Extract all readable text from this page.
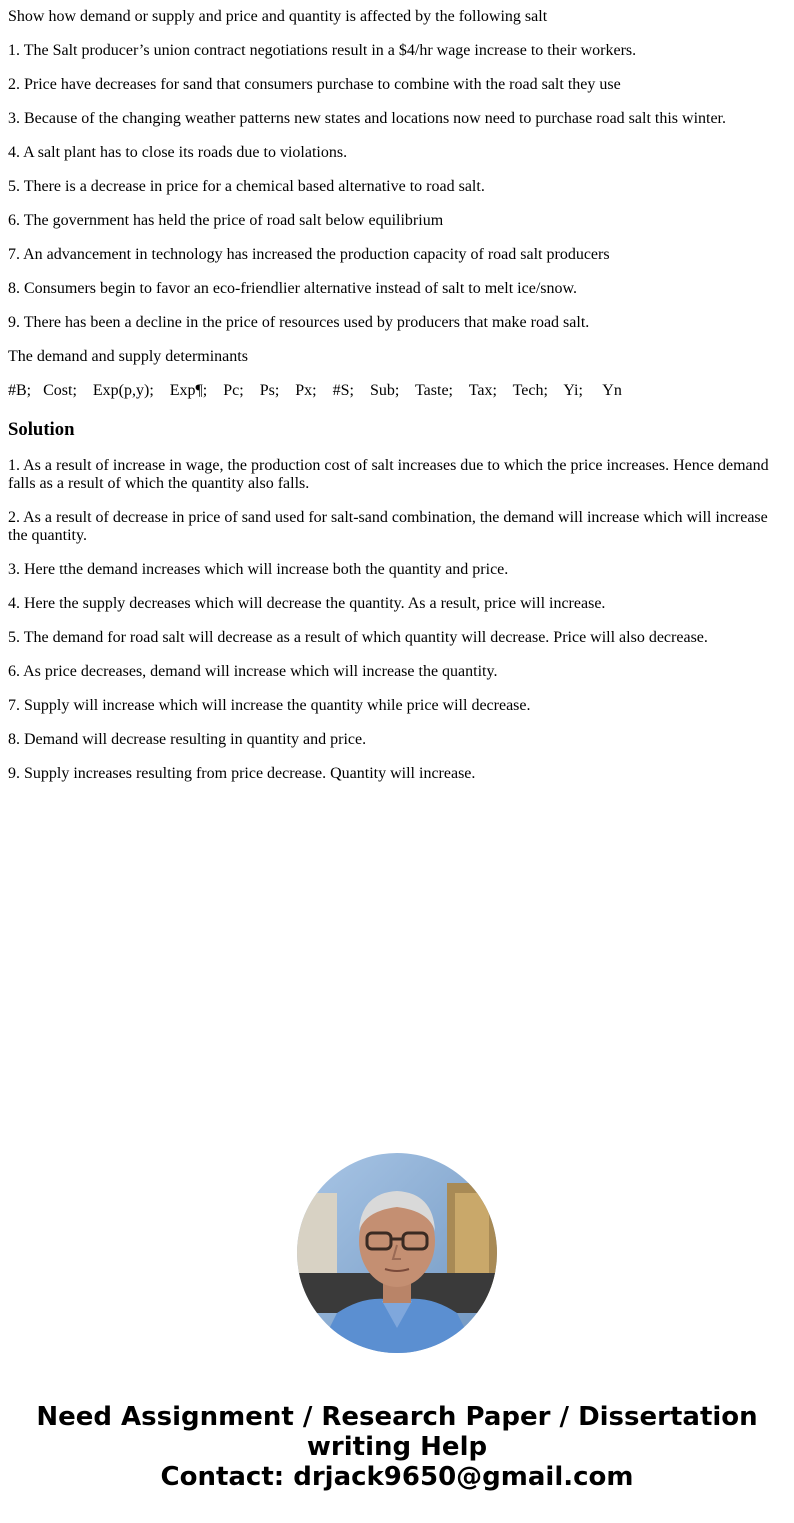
Show how demand or supply and price and quantity is affected by the following salt

1. The Salt producer’s union contract negotiations result in a $4/hr wage increase to their workers.

2. Price have decreases for sand that consumers purchase to combine with the road salt they use

3. Because of the changing weather patterns new states and locations now need to purchase road salt this winter.

4. A salt plant has to close its roads due to violations.

5. There is a decrease in price for a chemical based alternative to road salt.

6. The government has held the price of road salt below equilibrium

7. An advancement in technology has increased the production capacity of road salt producers

8. Consumers begin to favor an eco-friendlier alternative instead of salt to melt ice/snow.

9. There has been a decline in the price of resources used by producers that make road salt.

The demand and supply determinants

#B;   Cost;    Exp(p,y);    Exp¶;    Pc;    Ps;    Px;    #S;    Sub;    Taste;    Tax;    Tech;    Yi;     Yn

Solution

1. As a result of increase in wage, the production cost of salt increases due to which the price increases. Hence demand falls as a result of which the quantity also falls.

2. As a result of decrease in price of sand used for salt-sand combination, the demand will increase which will increase the quantity.

3. Here tthe demand increases which will increase both the quantity and price.

4. Here the supply decreases which will decrease the quantity. As a result, price will increase.

5. The demand for road salt will decrease as a result of which quantity will decrease. Price will also decrease.

6. As price decreases, demand will increase which will increase the quantity.

7. Supply will increase which will increase the quantity while price will decrease.

8. Demand will decrease resulting in quantity and price.

9. Supply increases resulting from price decrease. Quantity will increase.

Need Assignment / Research Paper / Dissertation
writing Help
Contact: drjack9650@gmail.com
